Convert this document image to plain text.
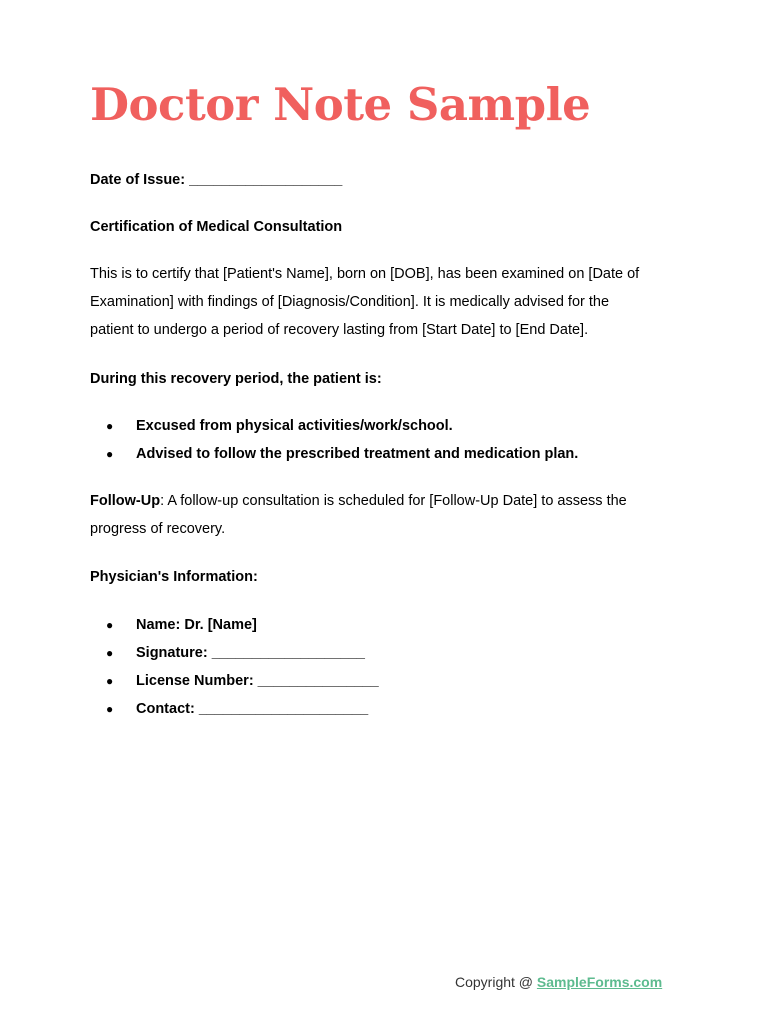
Doctor Note Sample

Date of Issue: ___________________

Certification of Medical Consultation

This is to certify that [Patient's Name], born on [DOB], has been examined on [Date of

Examination] with findings of [Diagnosis/Condition]. It is medically advised for the

patient to undergo a period of recovery lasting from [Start Date] to [End Date].

During this recovery period, the patient is:

● Excused from physical activities/work/school.
● Advised to follow the prescribed treatment and medication plan.

Follow-Up: A follow-up consultation is scheduled for [Follow-Up Date] to assess the

progress of recovery.

Physician's Information:

● Name: Dr. [Name]
● Signature: ___________________
● License Number: _______________
● Contact: _____________________
Copyright @ SampleForms.com
